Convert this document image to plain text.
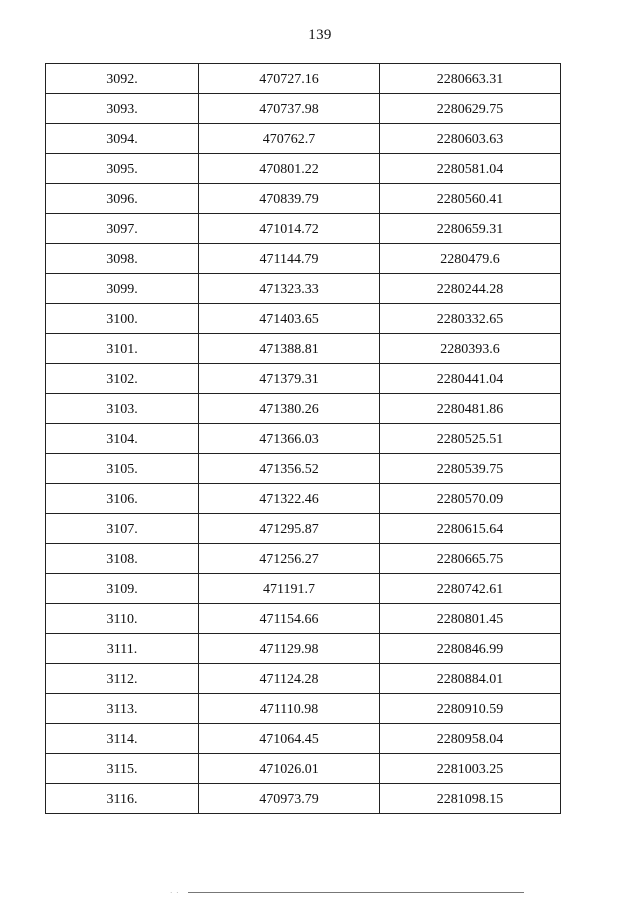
139
3092.	470727.16	2280663.31
3093.	470737.98	2280629.75
3094.	470762.7	2280603.63
3095.	470801.22	2280581.04
3096.	470839.79	2280560.41
3097.	471014.72	2280659.31
3098.	471144.79	2280479.6
3099.	471323.33	2280244.28
3100.	471403.65	2280332.65
3101.	471388.81	2280393.6
3102.	471379.31	2280441.04
3103.	471380.26	2280481.86
3104.	471366.03	2280525.51
3105.	471356.52	2280539.75
3106.	471322.46	2280570.09
3107.	471295.87	2280615.64
3108.	471256.27	2280665.75
3109.	471191.7	2280742.61
3110.	471154.66	2280801.45
3111.	471129.98	2280846.99
3112.	471124.28	2280884.01
3113.	471110.98	2280910.59
3114.	471064.45	2280958.04
3115.	471026.01	2281003.25
3116.	470973.79	2281098.15
· ·
